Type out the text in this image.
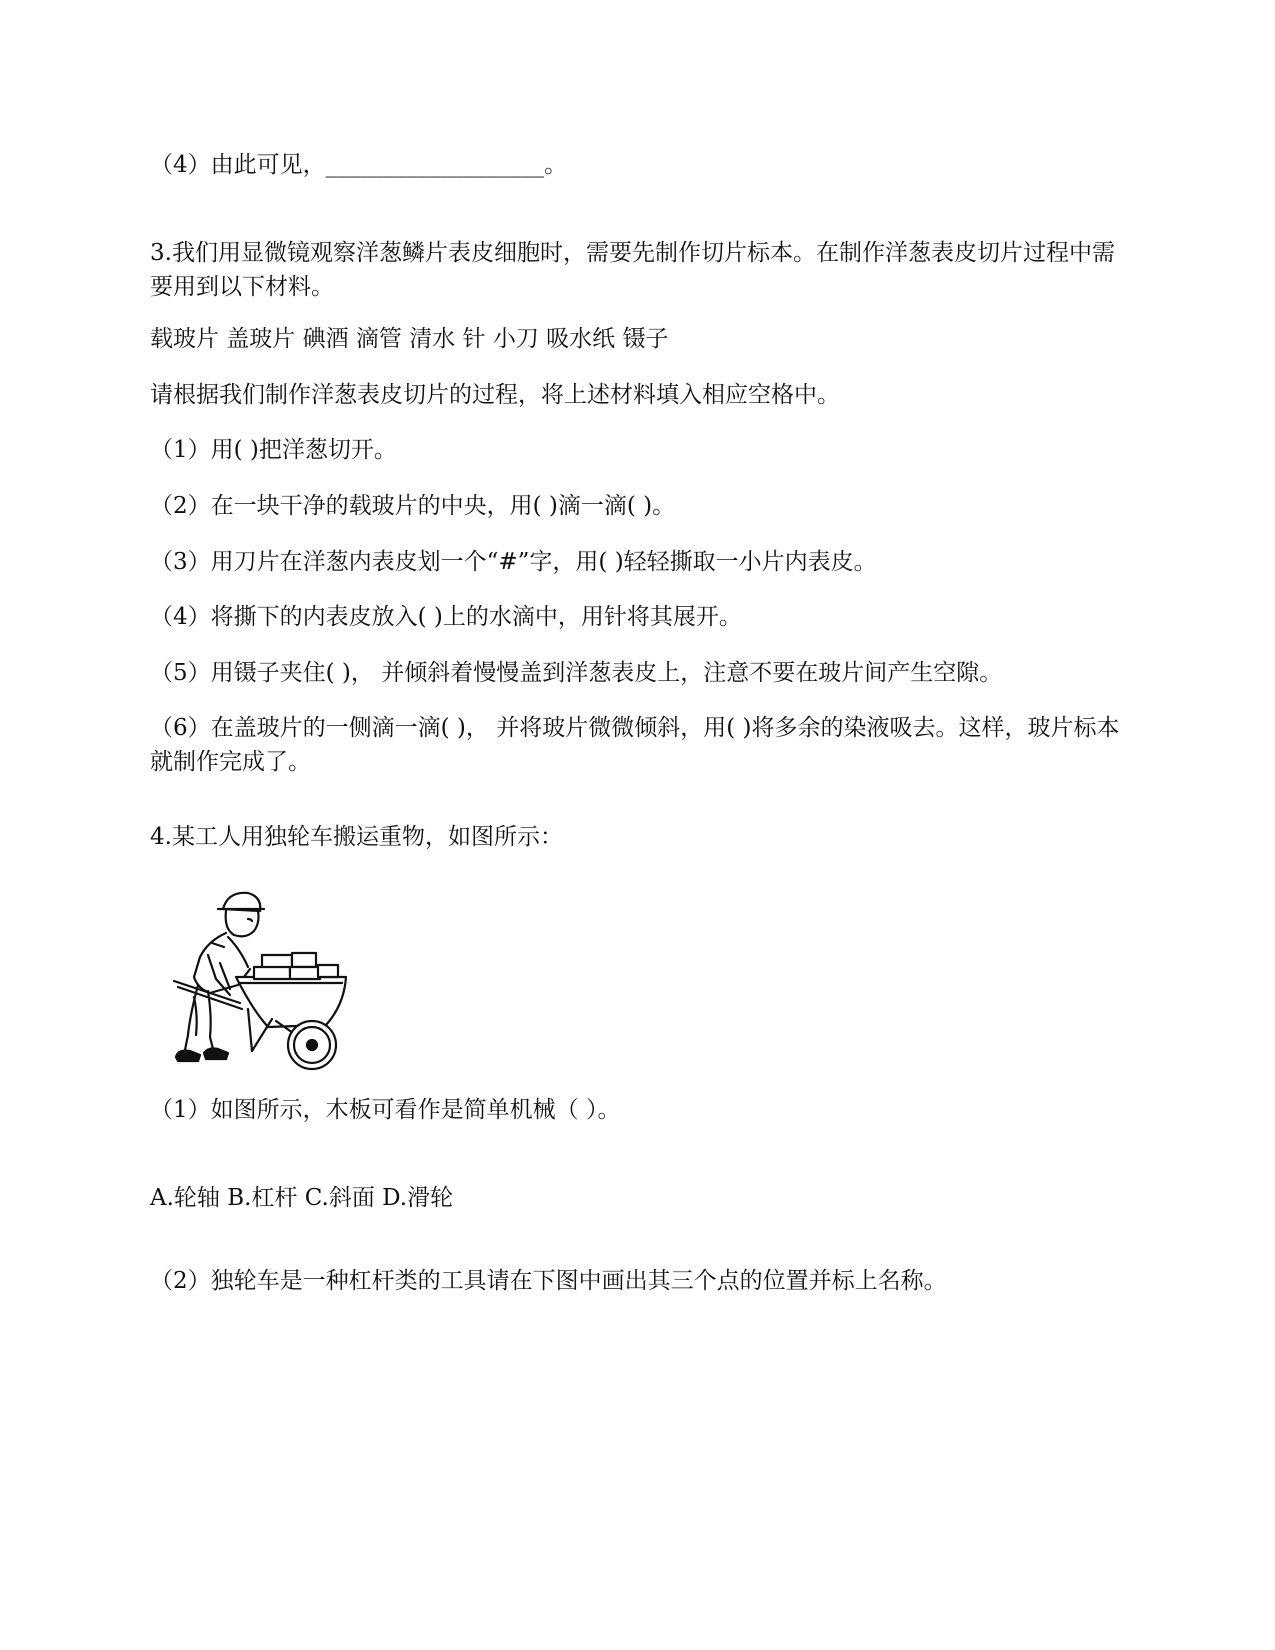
（4）由此可见，___________________。
3.我们用显微镜观察洋葱鳞片表皮细胞时，需要先制作切片标本。在制作洋葱表皮切片过程中需要用到以下材料。
载玻片 盖玻片 碘酒 滴管 清水 针 小刀 吸水纸 镊子
请根据我们制作洋葱表皮切片的过程，将上述材料填入相应空格中。
（1）用( )把洋葱切开。
（2）在一块干净的载玻片的中央，用( )滴一滴( )。
（3）用刀片在洋葱内表皮划一个“#”字，用( )轻轻撕取一小片内表皮。
（4）将撕下的内表皮放入( )上的水滴中，用针将其展开。
（5）用镊子夹住( )， 并倾斜着慢慢盖到洋葱表皮上，注意不要在玻片间产生空隙。
（6）在盖玻片的一侧滴一滴( )， 并将玻片微微倾斜，用( )将多余的染液吸去。这样，玻片标本就制作完成了。
4.某工人用独轮车搬运重物，如图所示：
（1）如图所示，木板可看作是简单机械（ ）。
A.轮轴 B.杠杆 C.斜面 D.滑轮
（2）独轮车是一种杠杆类的工具请在下图中画出其三个点的位置并标上名称。
